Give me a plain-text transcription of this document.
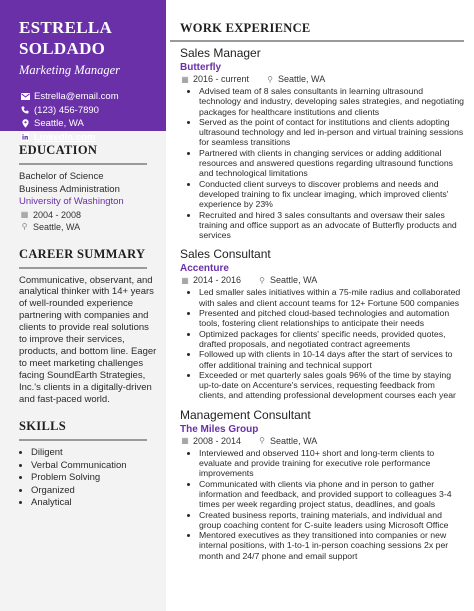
ESTRELLA
SOLDADO
Marketing Manager
Estrella@email.com
(123) 456-7890
Seattle, WA
LinkedIn.com
EDUCATION
Bachelor of Science
Business Administration
University of Washington
▦ 2004 - 2008
⚲ Seattle, WA
CAREER SUMMARY
Communicative, observant, and analytical thinker with 14+ years of well-rounded experience partnering with companies and clients to provide real solutions to improve their services, products, and bottom line. Eager to meet marketing challenges facing SoundEarth Strategies, Inc.'s clients in a digitally-driven and fast-paced world.
SKILLS
• Diligent
• Verbal Communication
• Problem Solving
• Organized
• Analytical
WORK EXPERIENCE
Sales Manager
Butterfly
▦ 2016 - current ⚲ Seattle, WA
• Advised team of 8 sales consultants in learning ultrasound technology and industry, developing sales strategies, and negotiating packages for healthcare institutions and clients
• Served as the point of contact for institutions and clients adopting ultrasound technology and led in-person and virtual training sessions for seamless transitions
• Partnered with clients in changing services or adding additional resources and answered questions regarding ultrasound functions and technological limitations
• Conducted client surveys to discover problems and needs and developed training to fix unclear imaging, which improved clients' experience by 23%
• Recruited and hired 3 sales consultants and oversaw their sales training and office support as an advocate of Butterfly products and services
Sales Consultant
Accenture
▦ 2014 - 2016 ⚲ Seattle, WA
• Led smaller sales initiatives within a 75-mile radius and collaborated with sales and client account teams for 12+ Fortune 500 companies
• Presented and pitched cloud-based technologies and automation tools, fostering client relationships to anticipate their needs
• Optimized packages for clients' specific needs, provided quotes, drafted proposals, and negotiated contract agreements
• Followed up with clients in 10-14 days after the start of services to offer additional training and technical support
• Exceeded or met quarterly sales goals 96% of the time by staying up-to-date on Accenture's services, requesting feedback from clients, and attending professional development courses each year
Management Consultant
The Miles Group
▦ 2008 - 2014 ⚲ Seattle, WA
• Interviewed and observed 110+ short and long-term clients to evaluate and provide training for executive role performance improvements
• Communicated with clients via phone and in person to gather information and feedback, and provided support to colleagues 3-4 times per week regarding project status, deadlines, and goals
• Created business reports, training materials, and individual and group coaching content for C-suite leaders using Microsoft Office
• Mentored executives as they transitioned into companies or new internal positions, with 1-to-1 in-person coaching sessions 2x per month and 24/7 phone and email support
